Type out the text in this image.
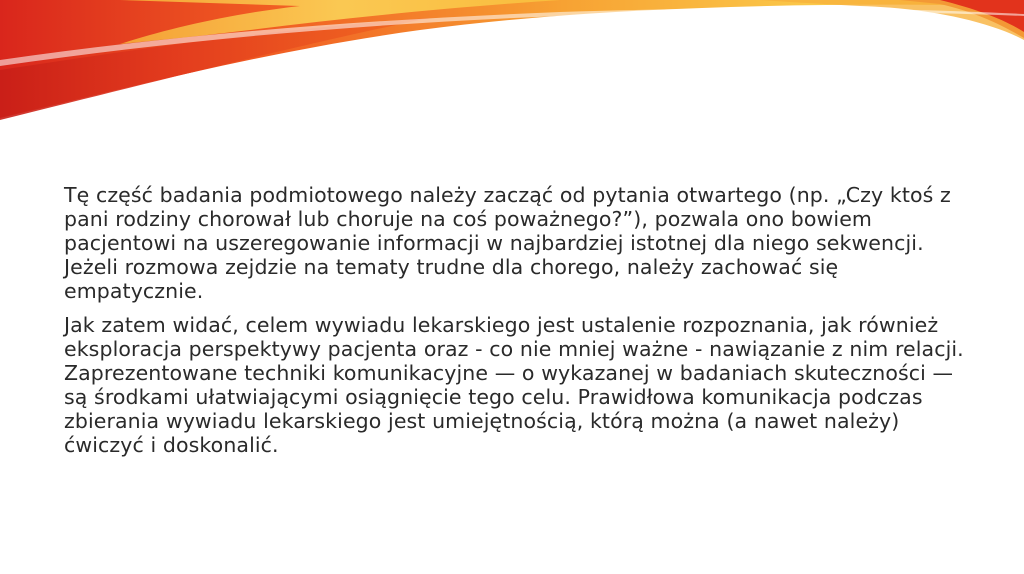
Tę część badania podmiotowego należy zacząć od pytania otwartego (np. „Czy ktoś z pani rodziny chorował lub choruje na coś poważnego?”), pozwala ono bowiem pacjentowi na uszeregowanie informacji w najbardziej istotnej dla niego sekwencji. Jeżeli rozmowa zejdzie na tematy trudne dla chorego, należy zachować się empatycznie.

Jak zatem widać, celem wywiadu lekarskiego jest ustalenie rozpoznania, jak również eksploracja perspektywy pacjenta oraz - co nie mniej ważne - nawiązanie z nim relacji. Zaprezentowane techniki komunikacyjne — o wykazanej w badaniach skuteczności — są środkami ułatwiającymi osiągnięcie tego celu. Prawidłowa komunikacja podczas zbierania wywiadu lekarskiego jest umiejętnością, którą można (a nawet należy) ćwiczyć i doskonalić.
